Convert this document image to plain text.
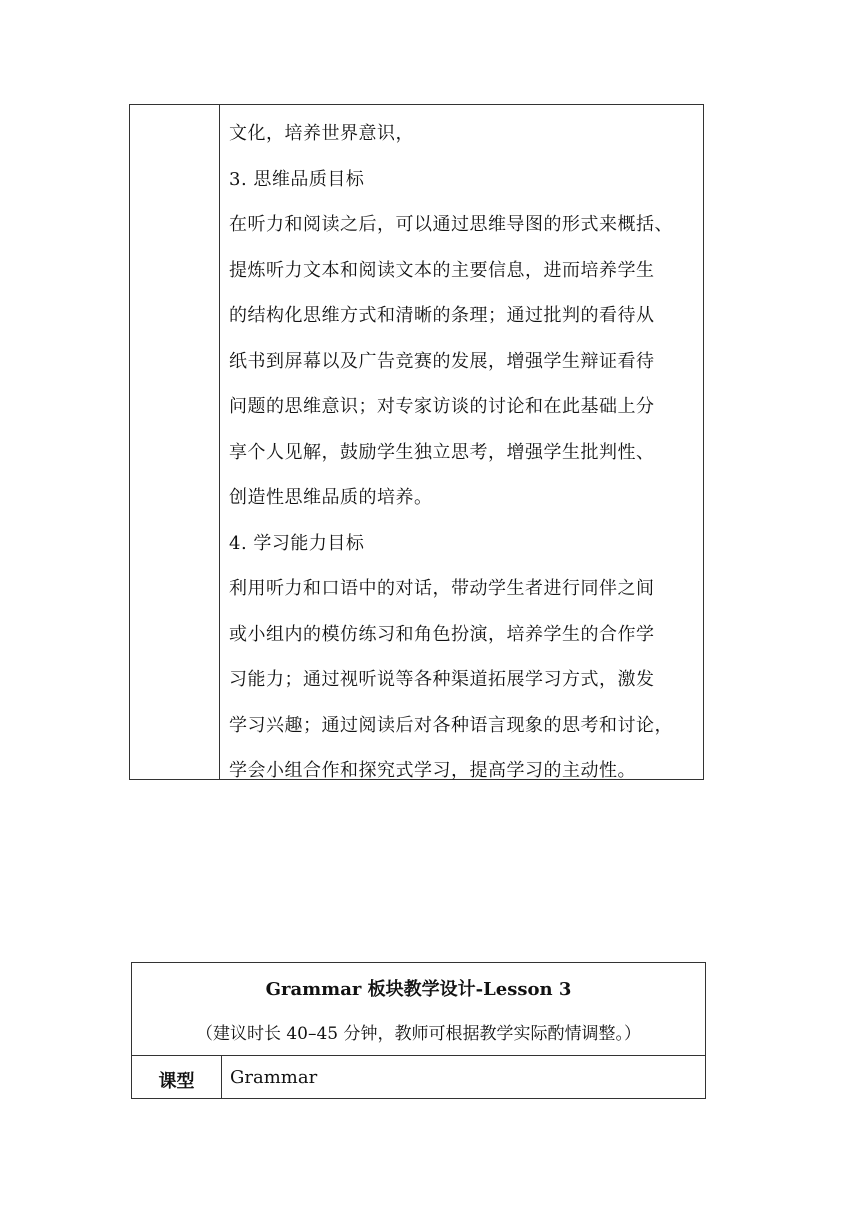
文化，培养世界意识，

3. 思维品质目标

在听力和阅读之后，可以通过思维导图的形式来概括、

提炼听力文本和阅读文本的主要信息，进而培养学生

的结构化思维方式和清晰的条理；通过批判的看待从

纸书到屏幕以及广告竞赛的发展，增强学生辩证看待

问题的思维意识；对专家访谈的讨论和在此基础上分

享个人见解，鼓励学生独立思考，增强学生批判性、

创造性思维品质的培养。

4. 学习能力目标

利用听力和口语中的对话，带动学生者进行同伴之间

或小组内的模仿练习和角色扮演，培养学生的合作学

习能力；通过视听说等各种渠道拓展学习方式，激发

学习兴趣；通过阅读后对各种语言现象的思考和讨论，

学会小组合作和探究式学习，提高学习的主动性。

Grammar 板块教学设计-Lesson 3
（建议时长 40–45 分钟，教师可根据教学实际酌情调整。）
课型	Grammar
